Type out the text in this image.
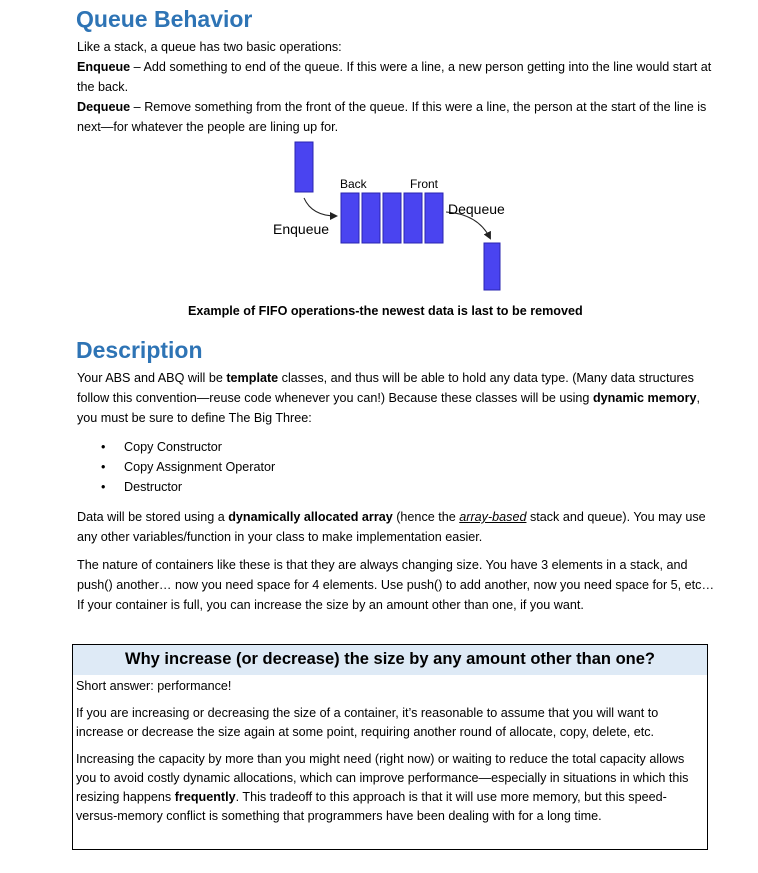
Queue Behavior

Like a stack, a queue has two basic operations:

Enqueue – Add something to end of the queue. If this were a line, a new person getting into the line would start at the back.

Dequeue – Remove something from the front of the queue. If this were a line, the person at the start of the line is next—for whatever the people are lining up for.

Back	Front
Enqueue
Dequeue
Example of FIFO operations-the newest data is last to be removed
Description

Your ABS and ABQ will be template classes, and thus will be able to hold any data type. (Many data structures follow this convention—reuse code whenever you can!) Because these classes will be using dynamic memory, you must be sure to define The Big Three:

• Copy Constructor
• Copy Assignment Operator
• Destructor

Data will be stored using a dynamically allocated array (hence the array-based stack and queue). You may use any other variables/function in your class to make implementation easier.

The nature of containers like these is that they are always changing size. You have 3 elements in a stack, and push() another… now you need space for 4 elements. Use push() to add another, now you need space for 5, etc… If your container is full, you can increase the size by an amount other than one, if you want.

Why increase (or decrease) the size by any amount other than one?

Short answer: performance!

If you are increasing or decreasing the size of a container, it’s reasonable to assume that you will want to increase or decrease the size again at some point, requiring another round of allocate, copy, delete, etc.

Increasing the capacity by more than you might need (right now) or waiting to reduce the total capacity allows you to avoid costly dynamic allocations, which can improve performance—especially in situations in which this resizing happens frequently. This tradeoff to this approach is that it will use more memory, but this speed-versus-memory conflict is something that programmers have been dealing with for a long time.
